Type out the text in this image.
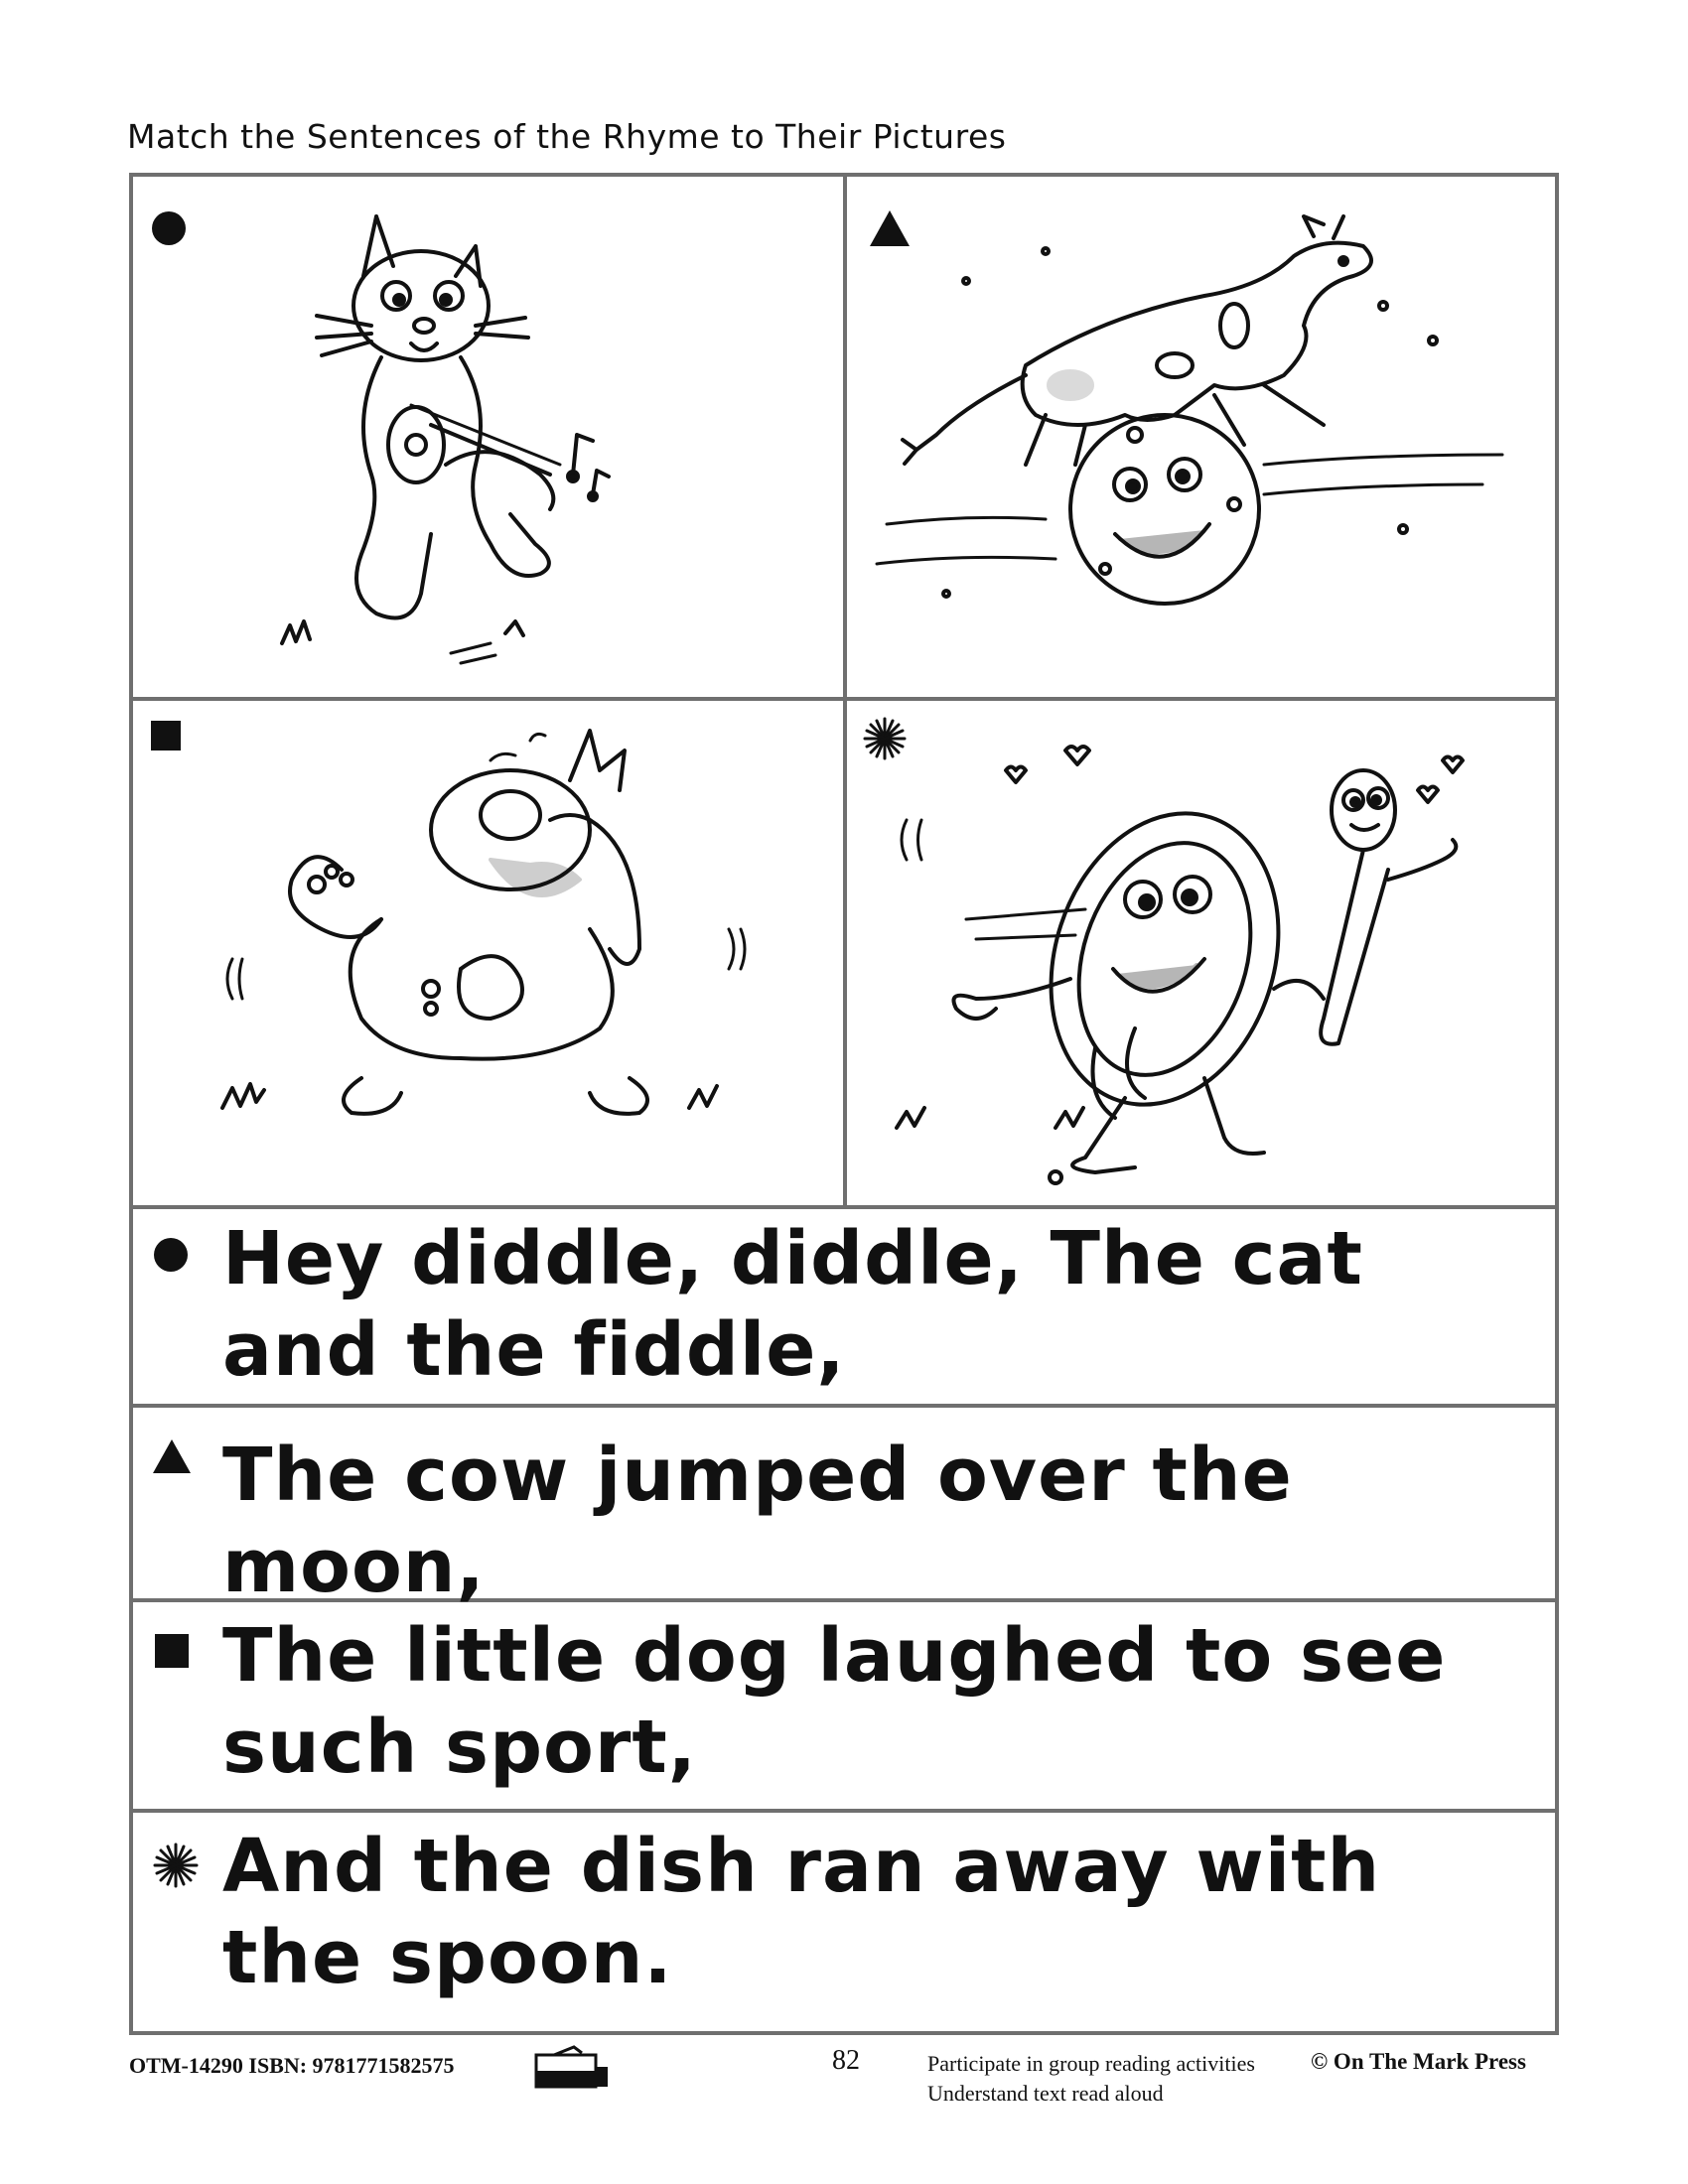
Match the Sentences of the Rhyme to Their Pictures
Hey diddle, diddle, The cat and the fiddle,
The cow jumped over the moon,
The little dog laughed to see such sport,
And the dish ran away with the spoon.
OTM-14290 ISBN: 9781771582575	82	Participate in group reading activities
Understand text read aloud
© On The Mark Press
